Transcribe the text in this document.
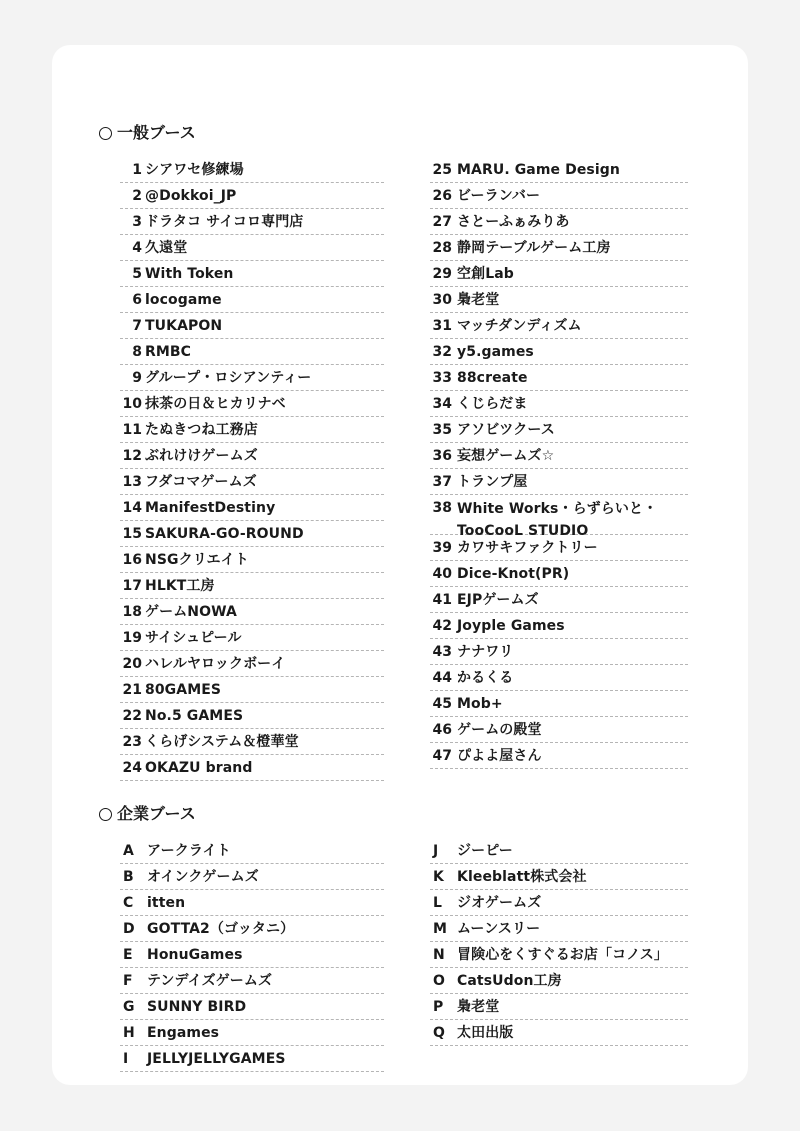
一般ブース
1 シアワセ修練場
2 @Dokkoi_JP
3 ドラタコ サイコロ専門店
4 久遠堂
5 With Token
6 locogame
7 TUKAPON
8 RMBC
9 グループ・ロシアンティー
10 抹茶の日＆ヒカリナベ
11 たぬきつね工務店
12 ぶれけけゲームズ
13 フダコマゲームズ
14 ManifestDestiny
15 SAKURA-GO-ROUND
16 NSGクリエイト
17 HLKT工房
18 ゲームNOWA
19 サイシュピール
20 ハレルヤロックボーイ
21 80GAMES
22 No.5 GAMES
23 くらげシステム＆橙華堂
24 OKAZU brand
25 MARU. Game Design
26 ビーランバー
27 さとーふぁみりあ
28 静岡テーブルゲーム工房
29 空創Lab
30 梟老堂
31 マッチダンディズム
32 y5.games
33 88create
34 くじらだま
35 アソビツクース
36 妄想ゲームズ☆
37 トランプ屋
38 White Works・らずらいと・TooCooL STUDIO
39 カワサキファクトリー
40 Dice-Knot(PR)
41 EJPゲームズ
42 Joyple Games
43 ナナワリ
44 かるくる
45 Mob+
46 ゲームの殿堂
47 ぴよよ屋さん
企業ブース
A アークライト
B オインクゲームズ
C itten
D GOTTA2（ゴッタニ）
E	HonuGames
F	テンデイズゲームズ
G SUNNY BIRD
H Engames
I	JELLYJELLYGAMES
J	ジーピー
K Kleeblatt株式会社
L	ジオゲームズ
M ムーンスリー
N 冒険心をくすぐるお店「コノス」
O CatsUdon工房
P 梟老堂
Q 太田出版
